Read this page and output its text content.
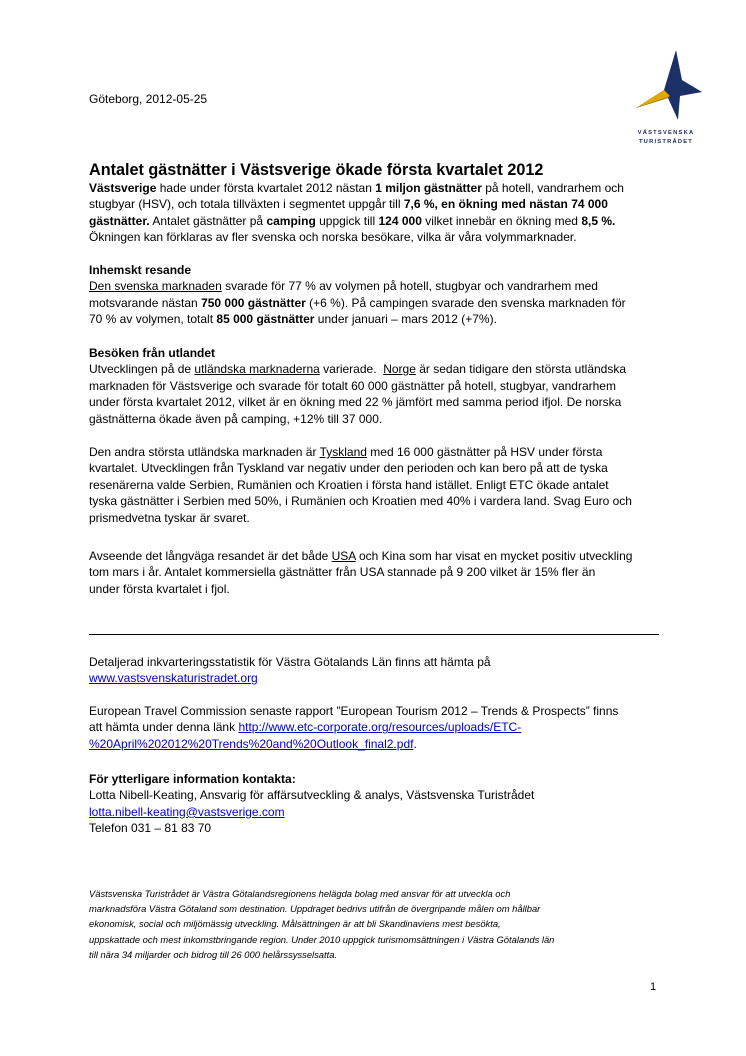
Göteborg, 2012-05-25
VÄSTSVENSKA
TURISTRÅDET
Antalet gästnätter i Västsverige ökade första kvartalet 2012
Västsverige hade under första kvartalet 2012 nästan 1 miljon gästnätter på hotell, vandrarhem och
stugbyar (HSV), och totala tillväxten i segmentet uppgår till 7,6 %, en ökning med nästan 74 000
gästnätter. Antalet gästnätter på camping uppgick till 124 000 vilket innebär en ökning med 8,5 %.
Ökningen kan förklaras av fler svenska och norska besökare, vilka är våra volymmarknader.
Inhemskt resande
Den svenska marknaden svarade för 77 % av volymen på hotell, stugbyar och vandrarhem med
motsvarande nästan 750 000 gästnätter (+6 %). På campingen svarade den svenska marknaden för
70 % av volymen, totalt 85 000 gästnätter under januari – mars 2012 (+7%).
Besöken från utlandet
Utvecklingen på de utländska marknaderna varierade.  Norge är sedan tidigare den största utländska
marknaden för Västsverige och svarade för totalt 60 000 gästnätter på hotell, stugbyar, vandrarhem
under första kvartalet 2012, vilket är en ökning med 22 % jämfört med samma period ifjol. De norska
gästnätterna ökade även på camping, +12% till 37 000.
Den andra största utländska marknaden är Tyskland med 16 000 gästnätter på HSV under första
kvartalet. Utvecklingen från Tyskland var negativ under den perioden och kan bero på att de tyska
resenärerna valde Serbien, Rumänien och Kroatien i första hand istället. Enligt ETC ökade antalet
tyska gästnätter i Serbien med 50%, i Rumänien och Kroatien med 40% i vardera land. Svag Euro och
prismedvetna tyskar är svaret.
Avseende det långväga resandet är det både USA och Kina som har visat en mycket positiv utveckling
tom mars i år. Antalet kommersiella gästnätter från USA stannade på 9 200 vilket är 15% fler än
under första kvartalet i fjol.
Detaljerad inkvarteringsstatistik för Västra Götalands Län finns att hämta på
www.vastsvenskaturistradet.org
European Travel Commission senaste rapport ”European Tourism 2012 – Trends & Prospects” finns
att hämta under denna länk http://www.etc-corporate.org/resources/uploads/ETC-
%20April%202012%20Trends%20and%20Outlook_final2.pdf.
För ytterligare information kontakta:
Lotta Nibell-Keating, Ansvarig för affärsutveckling & analys, Västsvenska Turistrådet
lotta.nibell-keating@vastsverige.com
Telefon 031 – 81 83 70
Västsvenska Turistrådet är Västra Götalandsregionens helägda bolag med ansvar för att utveckla och
marknadsföra Västra Götaland som destination. Uppdraget bedrivs utifrån de övergripande målen om hållbar
ekonomisk, social och miljömässig utveckling. Målsättningen är att bli Skandinaviens mest besökta,
uppskattade och mest inkomstbringande region. Under 2010 uppgick turismomsättningen i Västra Götalands län
till nära 34 miljarder och bidrog till 26 000 helårssysselsatta.
1
